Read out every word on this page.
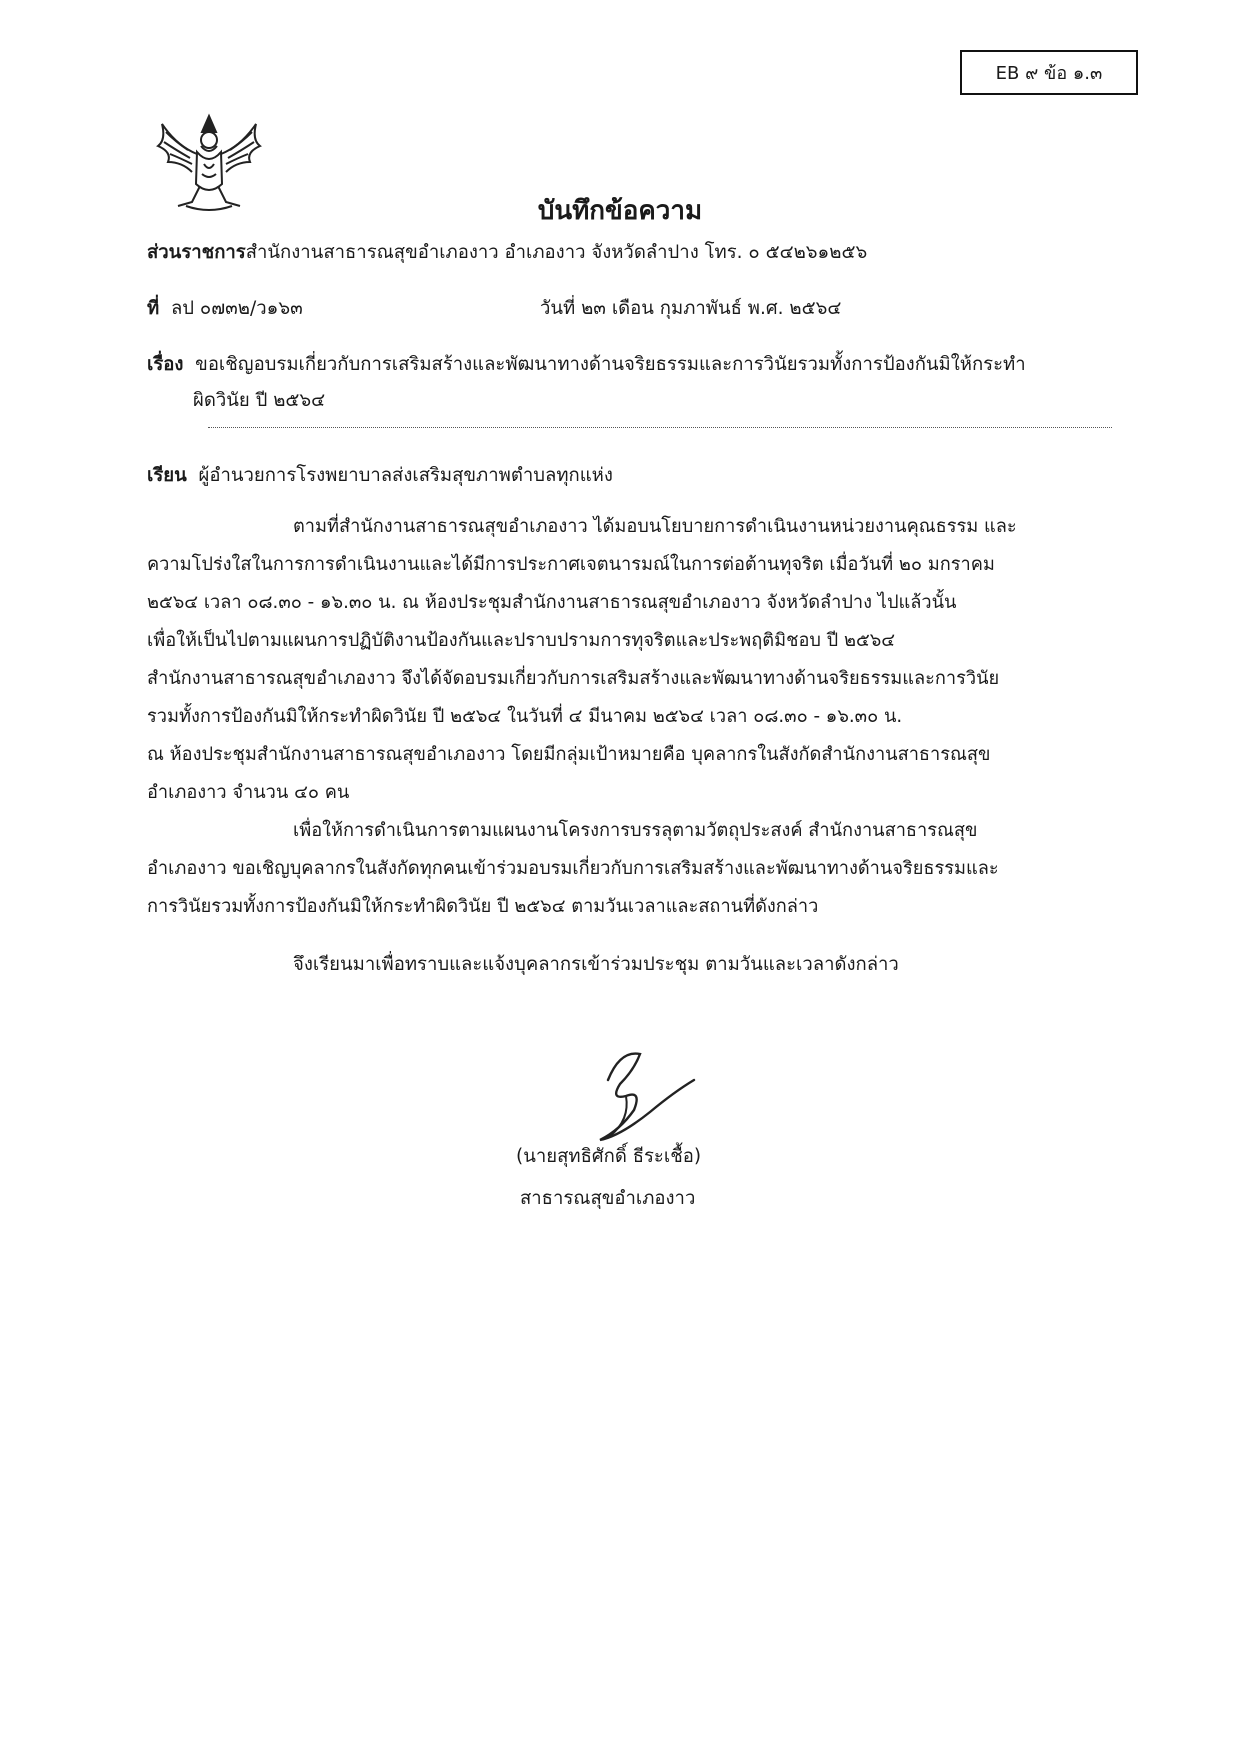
EB ๙ ข้อ ๑.๓
บันทึกข้อความ
ส่วนราชการสำนักงานสาธารณสุขอำเภองาว อำเภองาว จังหวัดลำปาง โทร. ๐ ๕๔๒๖๑๒๕๖
ที่ ลป ๐๗๓๒/ว๑๖๓	วันที่ ๒๓ เดือน กุมภาพันธ์ พ.ศ. ๒๕๖๔
เรื่อง ขอเชิญอบรมเกี่ยวกับการเสริมสร้างและพัฒนาทางด้านจริยธรรมและการวินัยรวมทั้งการป้องกันมิให้กระทำ
ผิดวินัย ปี ๒๕๖๔
เรียน ผู้อำนวยการโรงพยาบาลส่งเสริมสุขภาพตำบลทุกแห่ง
ตามที่สำนักงานสาธารณสุขอำเภองาว ได้มอบนโยบายการดำเนินงานหน่วยงานคุณธรรม และ
ความโปร่งใสในการการดำเนินงานและได้มีการประกาศเจตนารมณ์ในการต่อต้านทุจริต เมื่อวันที่ ๒๐ มกราคม
๒๕๖๔ เวลา ๐๘.๓๐ - ๑๖.๓๐ น. ณ ห้องประชุมสำนักงานสาธารณสุขอำเภองาว จังหวัดลำปาง ไปแล้วนั้น
เพื่อให้เป็นไปตามแผนการปฏิบัติงานป้องกันและปราบปรามการทุจริตและประพฤติมิชอบ ปี ๒๕๖๔
สำนักงานสาธารณสุขอำเภองาว จึงได้จัดอบรมเกี่ยวกับการเสริมสร้างและพัฒนาทางด้านจริยธรรมและการวินัย
รวมทั้งการป้องกันมิให้กระทำผิดวินัย ปี ๒๕๖๔ ในวันที่ ๔ มีนาคม ๒๕๖๔ เวลา ๐๘.๓๐ - ๑๖.๓๐ น.
ณ ห้องประชุมสำนักงานสาธารณสุขอำเภองาว โดยมีกลุ่มเป้าหมายคือ บุคลากรในสังกัดสำนักงานสาธารณสุข
อำเภองาว จำนวน ๔๐ คน
เพื่อให้การดำเนินการตามแผนงานโครงการบรรลุตามวัตถุประสงค์ สำนักงานสาธารณสุข
อำเภองาว ขอเชิญบุคลากรในสังกัดทุกคนเข้าร่วมอบรมเกี่ยวกับการเสริมสร้างและพัฒนาทางด้านจริยธรรมและ
การวินัยรวมทั้งการป้องกันมิให้กระทำผิดวินัย ปี ๒๕๖๔ ตามวันเวลาและสถานที่ดังกล่าว
จึงเรียนมาเพื่อทราบและแจ้งบุคลากรเข้าร่วมประชุม ตามวันและเวลาดังกล่าว
(นายสุทธิศักดิ์ ธีระเชื้อ)
สาธารณสุขอำเภองาว
